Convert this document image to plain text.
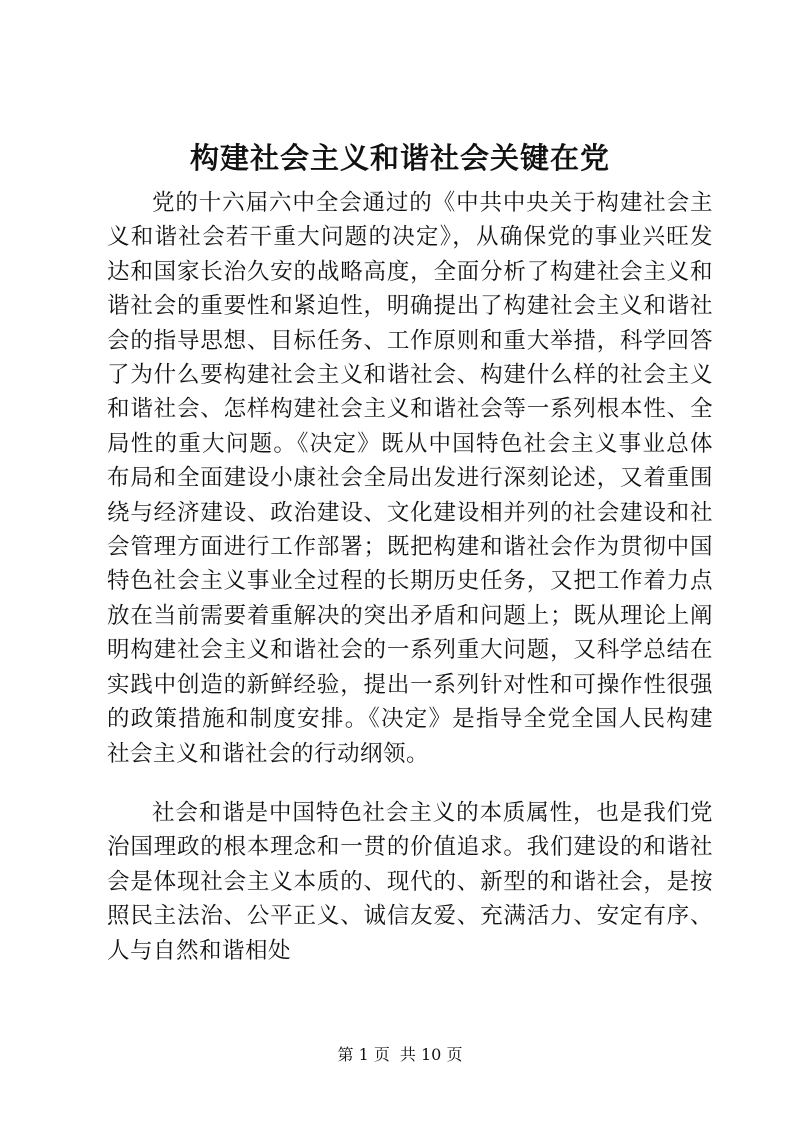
构建社会主义和谐社会关键在党

党的十六届六中全会通过的《中共中央关于构建社会主义和谐社会若干重大问题的决定》，从确保党的事业兴旺发达和国家长治久安的战略高度，全面分析了构建社会主义和谐社会的重要性和紧迫性，明确提出了构建社会主义和谐社会的指导思想、目标任务、工作原则和重大举措，科学回答了为什么要构建社会主义和谐社会、构建什么样的社会主义和谐社会、怎样构建社会主义和谐社会等一系列根本性、全局性的重大问题。《决定》既从中国特色社会主义事业总体布局和全面建设小康社会全局出发进行深刻论述，又着重围绕与经济建设、政治建设、文化建设相并列的社会建设和社会管理方面进行工作部署；既把构建和谐社会作为贯彻中国特色社会主义事业全过程的长期历史任务，又把工作着力点放在当前需要着重解决的突出矛盾和问题上；既从理论上阐明构建社会主义和谐社会的一系列重大问题，又科学总结在实践中创造的新鲜经验，提出一系列针对性和可操作性很强的政策措施和制度安排。《决定》是指导全党全国人民构建社会主义和谐社会的行动纲领。

社会和谐是中国特色社会主义的本质属性，也是我们党治国理政的根本理念和一贯的价值追求。我们建设的和谐社会是体现社会主义本质的、现代的、新型的和谐社会，是按照民主法治、公平正义、诚信友爱、充满活力、安定有序、人与自然和谐相处

第 1 页 共 10 页
